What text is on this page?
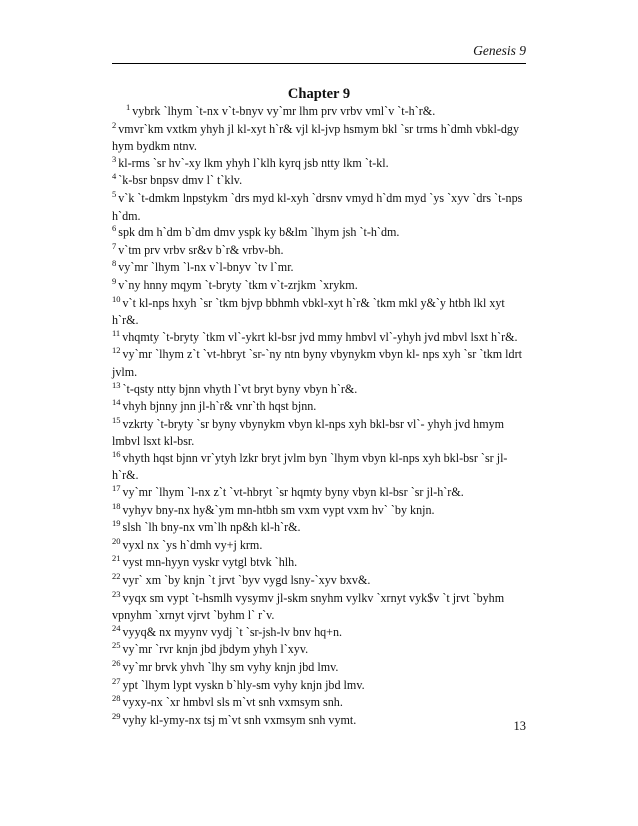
Genesis 9
Chapter 9

$^1$ vybrk `lhym `t-nx v`t-bnyv vy`mr lhm prv vrbv vml`v `t-h`r&.

$^2$ vmvr`km vxtkm yhyh jl kl-xyt h`r& vjl kl-jvp hsmym bkl `sr trms h`dmh vbkl-dgy hym bydkm ntnv.

$^3$ kl-rms `sr hv`-xy lkm yhyh l`klh kyrq jsb ntty lkm `t-kl.

$^4$ `k-bsr bnpsv dmv l` t`klv.

$^5$ v`k `t-dmkm lnpstykm `drs myd kl-xyh `drsnv vmyd h`dm myd `ys `xyv `drs `t-nps h`dm.

$^6$ spk dm h`dm b`dm dmv yspk ky b&lm `lhym jsh `t-h`dm.

$^7$ v`tm prv vrbv sr&v b`r& vrbv-bh.

$^8$ vy`mr `lhym `l-nx v`l-bnyv `tv l`mr.

$^9$ v`ny hnny mqym `t-bryty `tkm v`t-zrjkm `xrykm.

$^{10}$ v`t kl-nps hxyh `sr `tkm bjvp bbhmh vbkl-xyt h`r& `tkm mkl y&`y htbh lkl xyt h`r&.

$^{11}$ vhqmty `t-bryty `tkm vl`-ykrt kl-bsr jvd mmy hmbvl vl`-yhyh jvd mbvl lsxt h`r&.

$^{12}$ vy`mr `lhym z`t `vt-hbryt `sr-`ny ntn byny vbynykm vbyn kl- nps xyh `sr `tkm ldrt jvlm.

$^{13}$ `t-qsty ntty bjnn vhyth l`vt bryt byny vbyn h`r&.

$^{14}$ vhyh bjnny jnn jl-h`r& vnr`th hqst bjnn.

$^{15}$ vzkrty `t-bryty `sr byny vbynykm vbyn kl-nps xyh bkl-bsr vl`- yhyh jvd hmym lmbvl lsxt kl-bsr.

$^{16}$ vhyth hqst bjnn vr`ytyh lzkr bryt jvlm byn `lhym vbyn kl-nps xyh bkl-bsr `sr jl-h`r&.

$^{17}$ vy`mr `lhym `l-nx z`t `vt-hbryt `sr hqmty byny vbyn kl-bsr `sr jl-h`r&.

$^{18}$ vyhyv bny-nx hy&`ym mn-htbh sm vxm vypt vxm hv` `by knjn.

$^{19}$ slsh `lh bny-nx vm`lh np&h kl-h`r&.

$^{20}$ vyxl nx `ys h`dmh vy+j krm.

$^{21}$ vyst mn-hyyn vyskr vytgl btvk `hlh.

$^{22}$ vyr` xm `by knjn `t jrvt `byv vygd lsny-`xyv bxv&.

$^{23}$ vyqx sm vypt `t-hsmlh vysymv jl-skm snyhm vylkv `xrnyt vyk$v `t jrvt `byhm vpnyhm `xrnyt vjrvt `byhm l` r`v.

$^{24}$ vyyq& nx myynv vydj `t `sr-jsh-lv bnv hq+n.

$^{25}$ vy`mr `rvr knjn jbd jbdym yhyh l`xyv.

$^{26}$ vy`mr brvk yhvh `lhy sm vyhy knjn jbd lmv.

$^{27}$ ypt `lhym lypt vyskn b`hly-sm vyhy knjn jbd lmv.

$^{28}$ vyxy-nx `xr hmbvl sls m`vt snh vxmsym snh.

$^{29}$ vyhy kl-ymy-nx tsj m`vt snh vxmsym snh vymt.	13
